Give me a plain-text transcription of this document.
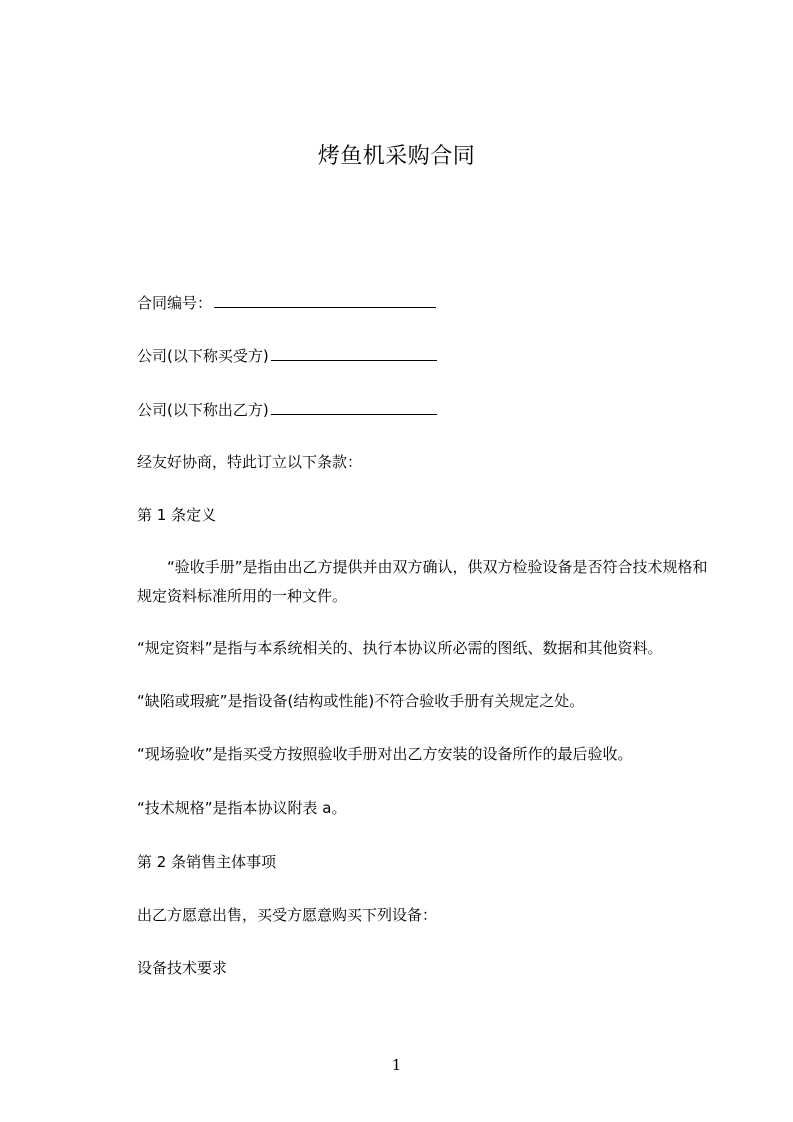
烤鱼机采购合同
合同编号：
公司(以下称买受方)
公司(以下称出乙方)
经友好协商，特此订立以下条款：
第 1 条定义
“验收手册”是指由出乙方提供并由双方确认，供双方检验设备是否符合技术规格和规定资料标准所用的一种文件。
“规定资料”是指与本系统相关的、执行本协议所必需的图纸、数据和其他资料。
“缺陷或瑕疵”是指设备(结构或性能)不符合验收手册有关规定之处。
“现场验收”是指买受方按照验收手册对出乙方安装的设备所作的最后验收。
“技术规格”是指本协议附表 a。
第 2 条销售主体事项
出乙方愿意出售，买受方愿意购买下列设备：
设备技术要求
1
